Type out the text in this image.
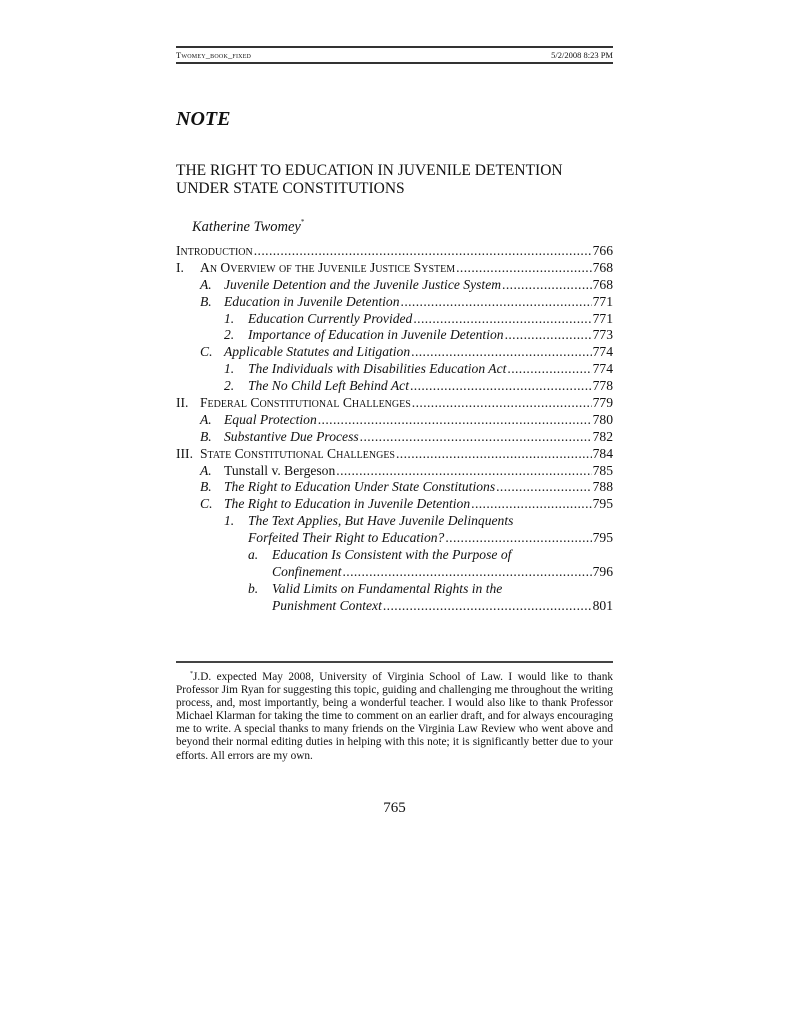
Twomey_book_fixed	5/2/2008 8:23 PM
NOTE
THE RIGHT TO EDUCATION IN JUVENILE DETENTION
UNDER STATE CONSTITUTIONS
Katherine Twomey*
Introduction .....	766
I.	An Overview of the Juvenile Justice System .....	768
A. Juvenile Detention and the Juvenile Justice System .....	768
B. Education in Juvenile Detention .....	771
1.	Education Currently Provided .....	771
2.	Importance of Education in Juvenile Detention .....	773
C. Applicable Statutes and Litigation .....	774
1.	The Individuals with Disabilities Education Act .....	774
2.	The No Child Left Behind Act .....	778
II. Federal Constitutional Challenges .....	779
A. Equal Protection .....	780
B. Substantive Due Process .....	782
III. State Constitutional Challenges .....	784
A. Tunstall v. Bergeson .....	785
B. The Right to Education Under State Constitutions .....	788
C. The Right to Education in Juvenile Detention .....	795
1.	The Text Applies, But Have Juvenile Delinquents
Forfeited Their Right to Education? .....	795
a.	Education Is Consistent with the Purpose of
Confinement .....	796
b.	Valid Limits on Fundamental Rights in the
Punishment Context .....	801
*J.D. expected May 2008, University of Virginia School of Law. I would like to thank Professor Jim Ryan for suggesting this topic, guiding and challenging me throughout the writing process, and, most importantly, being a wonderful teacher. I would also like to thank Professor Michael Klarman for taking the time to comment on an earlier draft, and for always encouraging me to write. A special thanks to many friends on the Virginia Law Review who went above and beyond their normal editing duties in helping with this note; it is significantly better due to your efforts. All errors are my own.
765
